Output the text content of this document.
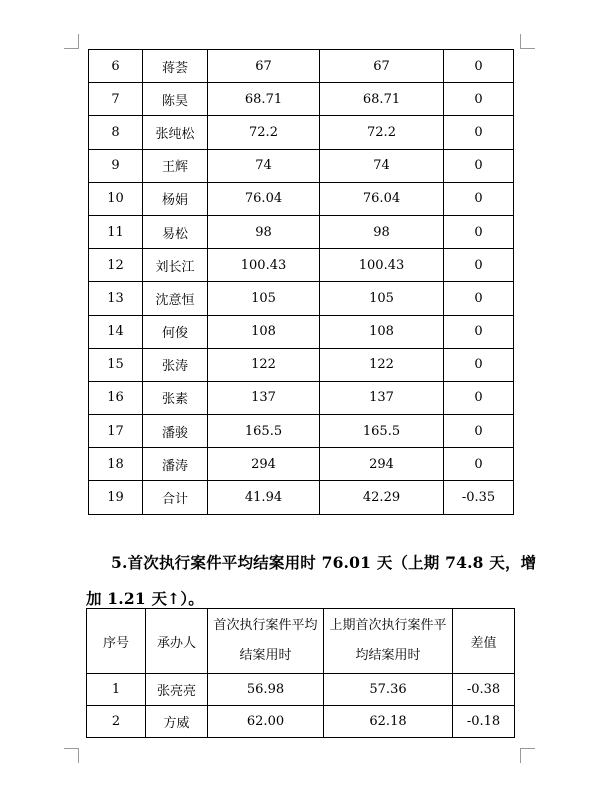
6	蒋荟	67	67	0
7	陈昊	68.71	68.71	0
8	张纯松	72.2	72.2	0
9	王辉	74	74	0
10	杨娟	76.04	76.04	0
11	易松	98	98	0
12	刘长江	100.43	100.43	0
13	沈意恒	105	105	0
14	何俊	108	108	0
15	张涛	122	122	0
16	张素	137	137	0
17	潘骏	165.5	165.5	0
18	潘涛	294	294	0
19	合计	41.94	42.29	-0.35
5.首次执行案件平均结案用时 76.01 天（上期 74.8 天，增
加 1.21 天↑）。
序号	承办人	首次执行案件平均结案用时	上期首次执行案件平均结案用时	差值
1	张亮亮	56.98	57.36	-0.38
2	方威	62.00	62.18	-0.18
